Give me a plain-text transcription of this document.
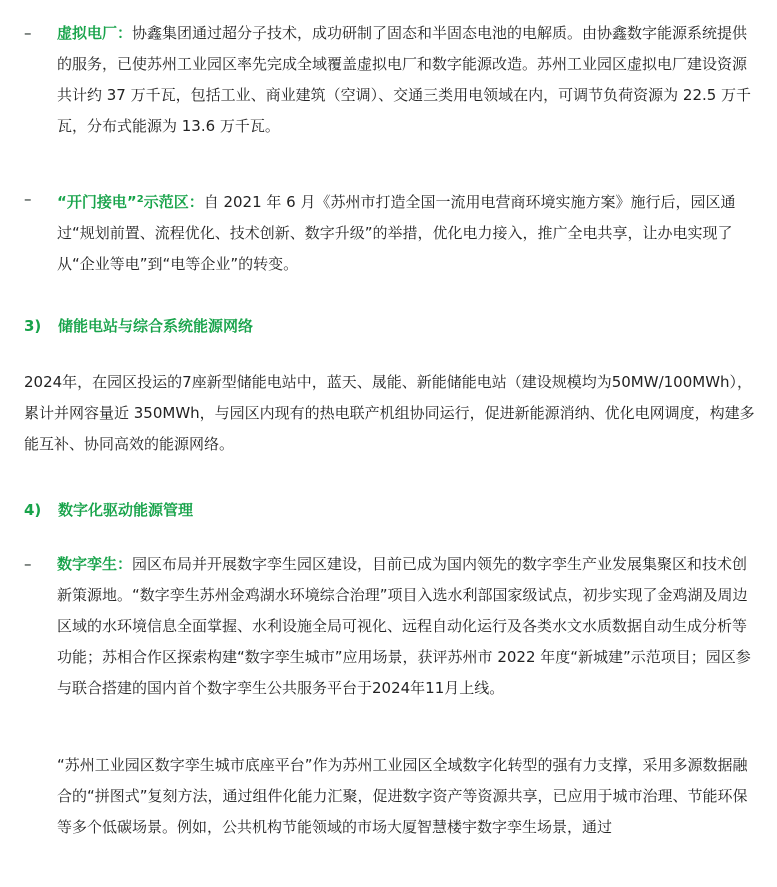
– 虚拟电厂：协鑫集团通过超分子技术，成功研制了固态和半固态电池的电解质。由协鑫数字能源系统提供的服务，已使苏州工业园区率先完成全域覆盖虚拟电厂和数字能源改造。苏州工业园区虚拟电厂建设资源共计约 37 万千瓦，包括工业、商业建筑（空调）、交通三类用电领域在内，可调节负荷资源为 22.5 万千瓦，分布式能源为 13.6 万千瓦。

– “开门接电”$^2$示范区：自 2021 年 6 月《苏州市打造全国一流用电营商环境实施方案》施行后，园区通过“规划前置、流程优化、技术创新、数字升级”的举措，优化电力接入，推广全电共享，让办电实现了从“企业等电”到“电等企业”的转变。

3) 储能电站与综合系统能源网络

2024年，在园区投运的7座新型储能电站中，蓝天、晟能、新能储能电站（建设规模均为50MW/100MWh），累计并网容量近 350MWh，与园区内现有的热电联产机组协同运行，促进新能源消纳、优化电网调度，构建多能互补、协同高效的能源网络。

4) 数字化驱动能源管理
– 数字孪生：园区布局并开展数字孪生园区建设，目前已成为国内领先的数字孪生产业发展集聚区和技术创新策源地。“数字孪生苏州金鸡湖水环境综合治理”项目入选水利部国家级试点，初步实现了金鸡湖及周边区域的水环境信息全面掌握、水利设施全局可视化、远程自动化运行及各类水文水质数据自动生成分析等功能；苏相合作区探索构建“数字孪生城市”应用场景，获评苏州市 2022 年度“新城建”示范项目；园区参与联合搭建的国内首个数字孪生公共服务平台于2024年11月上线。

“苏州工业园区数字孪生城市底座平台”作为苏州工业园区全域数字化转型的强有力支撑，采用多源数据融合的“拼图式”复刻方法，通过组件化能力汇聚，促进数字资产等资源共享，已应用于城市治理、节能环保等多个低碳场景。例如，公共机构节能领域的市场大厦智慧楼宇数字孪生场景，通过
